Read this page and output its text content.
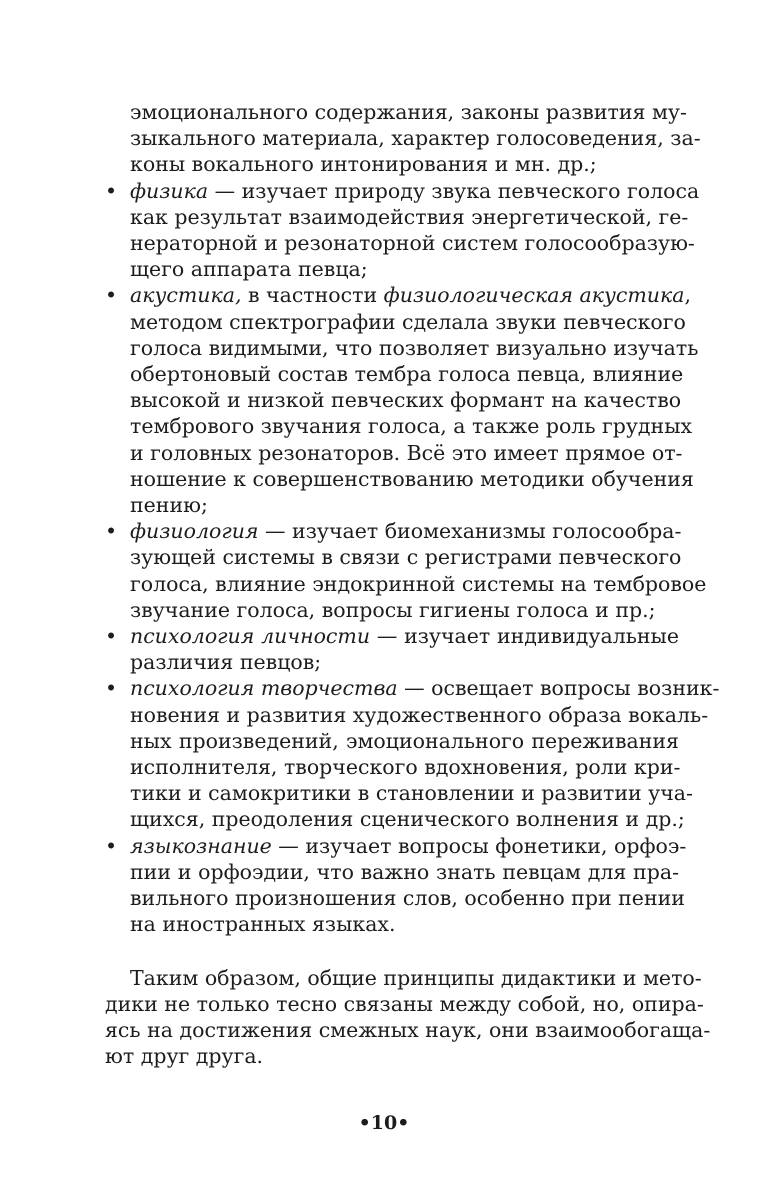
эмоционального содержания, законы развития му-
зыкального материала, характер голосоведения, за-
коны вокального интонирования и мн. др.;
• физика — изучает природу звука певческого голоса
как результат взаимодействия энергетической, ге-
нераторной и резонаторной систем голосообразую-
щего аппарата певца;
• акустика, в частности физиологическая акустика,
методом спектрографии сделала звуки певческого
голоса видимыми, что позволяет визуально изучать
обертоновый состав тембра голоса певца, влияние
высокой и низкой певческих формант на качество
тембрового звучания голоса, а также роль грудных
и головных резонаторов. Всё это имеет прямое от-
ношение к совершенствованию методики обучения
пению;
• физиология — изучает биомеханизмы голосообра-
зующей системы в связи с регистрами певческого
голоса, влияние эндокринной системы на тембровое
звучание голоса, вопросы гигиены голоса и пр.;
• психология личности — изучает индивидуальные
различия певцов;
• психология творчества — освещает вопросы возник-
новения и развития художественного образа вокаль-
ных произведений, эмоционального переживания
исполнителя, творческого вдохновения, роли кри-
тики и самокритики в становлении и развитии уча-
щихся, преодоления сценического волнения и др.;
• языкознание — изучает вопросы фонетики, орфоэ-
пии и орфоэдии, что важно знать певцам для пра-
вильного произношения слов, особенно при пении
на иностранных языках.
Таким образом, общие принципы дидактики и мето-
дики не только тесно связаны между собой, но, опира-
ясь на достижения смежных наук, они взаимообогаща-
ют друг друга.
•10•
